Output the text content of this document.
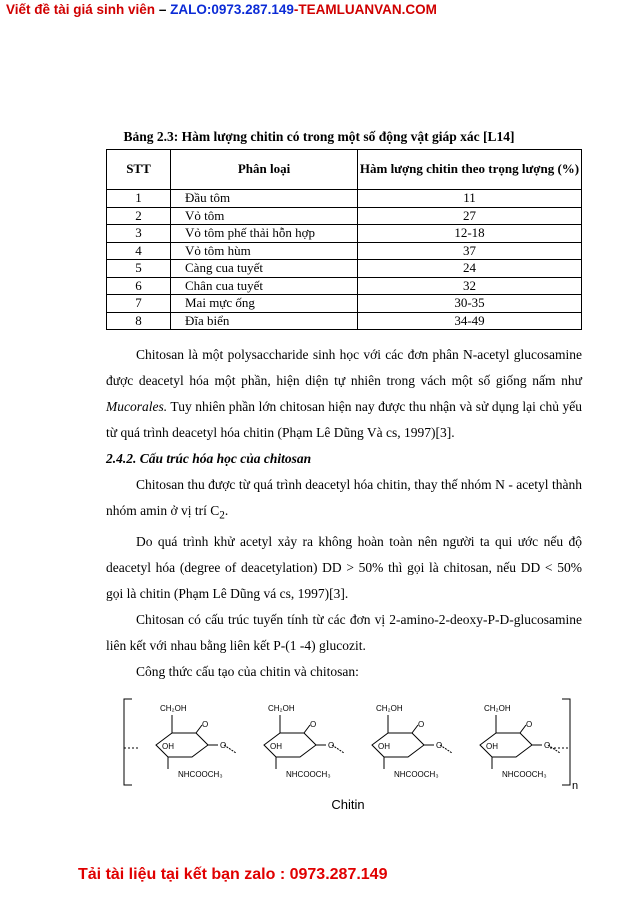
Viết đề tài giá sinh viên – ZALO:0973.287.149-TEAMLUANVAN.COM
Bảng 2.3: Hàm lượng chitin có trong một số động vật giáp xác [L14]
STT	Phân loại	Hàm lượng chitin theo trọng lượng (%)
1	Đầu tôm	11
2	Vỏ tôm	27
3	Vỏ tôm phế thải hỗn hợp	12-18
4	Vỏ tôm hùm	37
5	Càng cua tuyết	24
6	Chân cua tuyết	32
7	Mai mực ống	30-35
8	Đĩa biển	34-49

Chitosan là một polysaccharide sinh học với các đơn phân N-acetyl glucosamine được deacetyl hóa một phần, hiện diện tự nhiên trong vách một số giống nấm như Mucorales. Tuy nhiên phần lớn chitosan hiện nay được thu nhận và sử dụng lại chủ yếu từ quá trình deacetyl hóa chitin (Phạm Lê Dũng Và cs, 1997)[3].

2.4.2. Cấu trúc hóa học của chitosan

Chitosan thu được từ quá trình deacetyl hóa chitin, thay thế nhóm N - acetyl thành nhóm amin ở vị trí $C_2$.

Do quá trình khử acetyl xảy ra không hoàn toàn nên người ta qui ước nếu độ deacetyl hóa (degree of deacetylation) DD > 50% thì gọi là chitosan, nếu DD < 50% gọi là chitin (Phạm Lê Dũng vá cs, 1997)[3].

Chitosan có cấu trúc tuyến tính từ các đơn vị 2-amino-2-deoxy-P-D-glucosamine liên kết với nhau bằng liên kết P-(1 -4) glucozit.

Công thức cấu tạo của chitin và chitosan:

O
O
CH₂OH
OH
NHCOOCH₃
O
O
CH₂OH
OH
NHCOOCH₃
O
O
CH₂OH
OH
NHCOOCH₃
O
O
CH₂OH
OH
NHCOOCH₃
n
Chitin
Tải tài liệu tại kết bạn zalo : 0973.287.149
